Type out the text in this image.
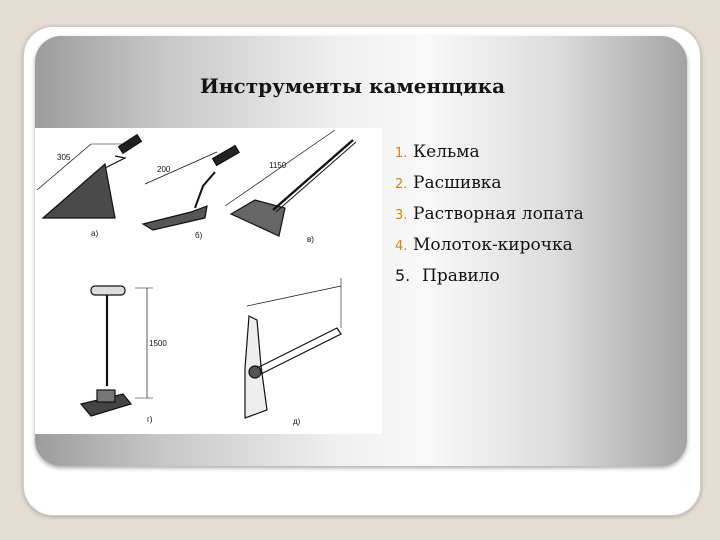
Инструменты каменщика
305
а)
200
б)
1150
в)
1500
г)	д)
1. Кельма
2. Расшивка
3. Растворная лопата
4. Молоток-кирочка
5. Правило
